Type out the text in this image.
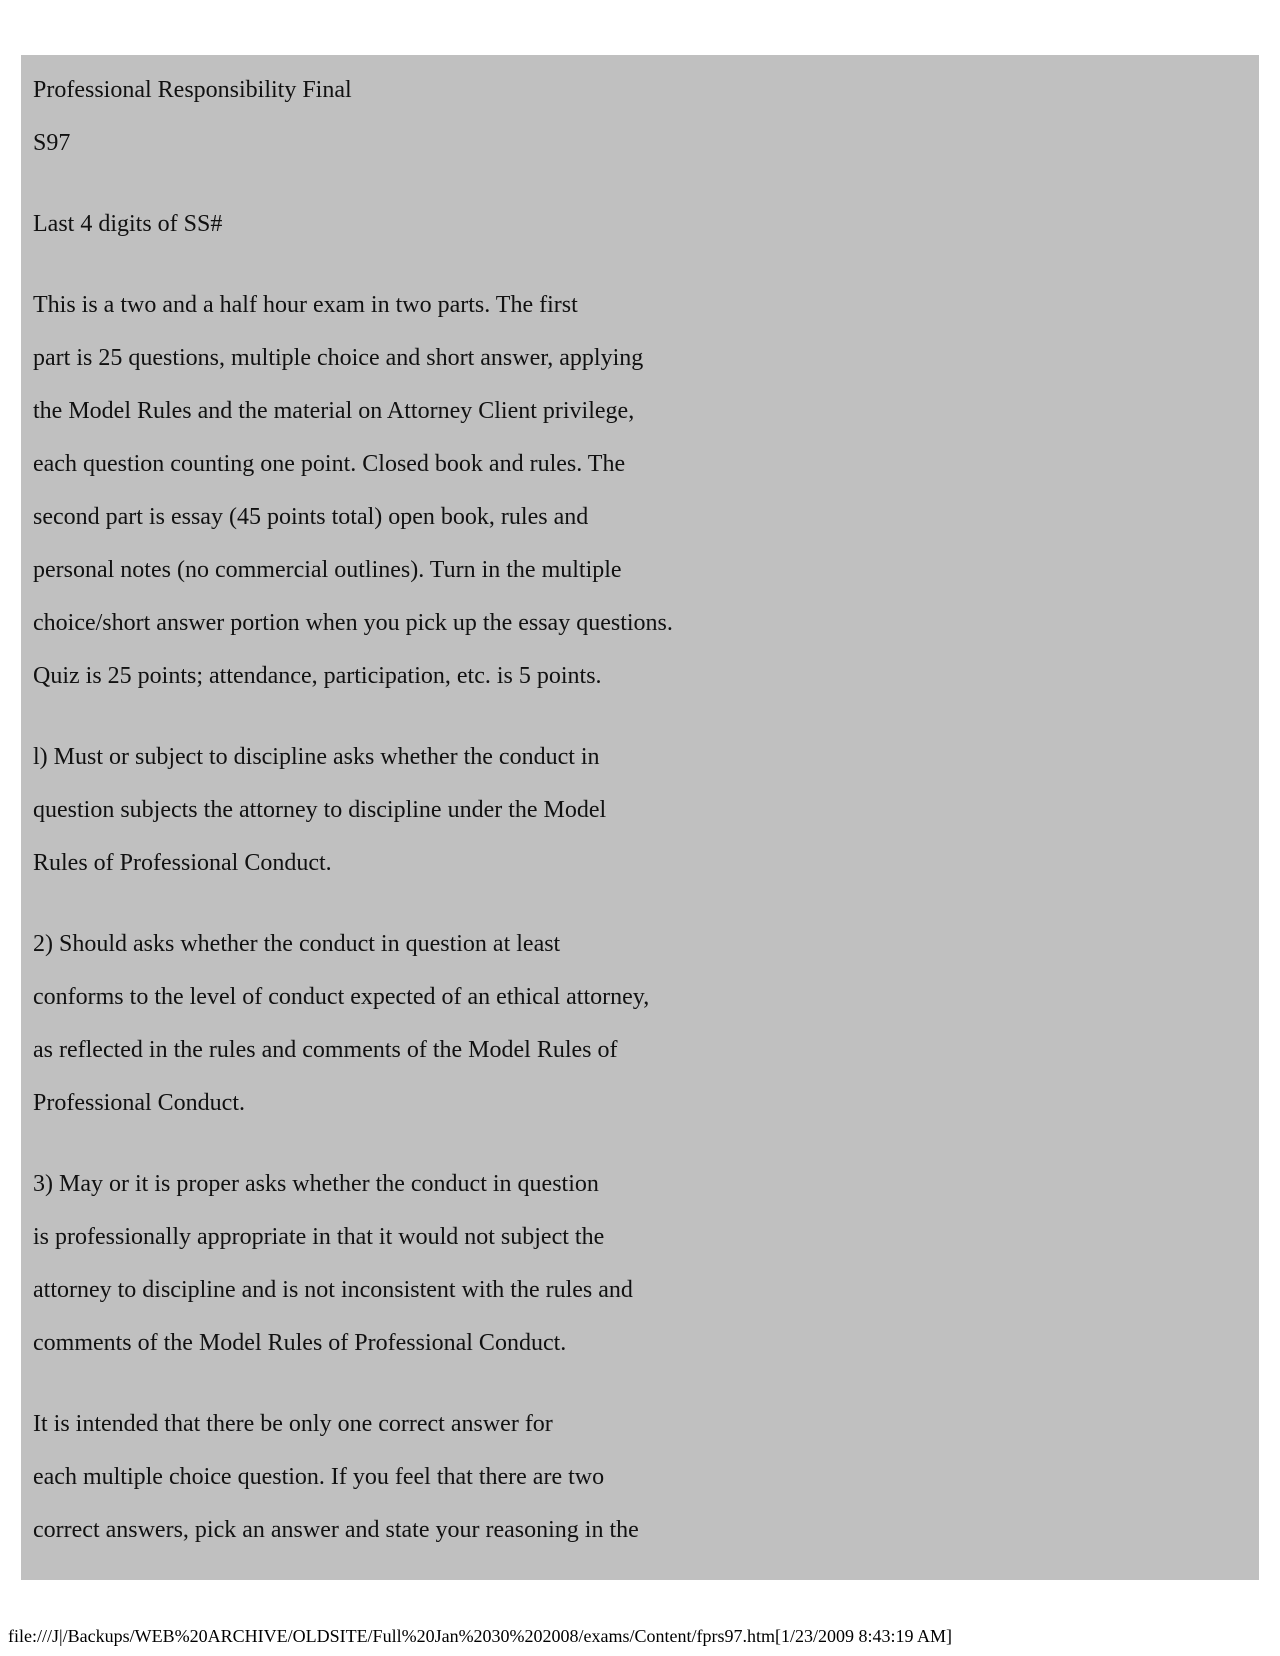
Professional Responsibility Final

S97

Last 4 digits of SS#

This is a two and a half hour exam in two parts. The first

part is 25 questions, multiple choice and short answer, applying

the Model Rules and the material on Attorney Client privilege,

each question counting one point. Closed book and rules. The

second part is essay (45 points total) open book, rules and

personal notes (no commercial outlines). Turn in the multiple

choice/short answer portion when you pick up the essay questions.

Quiz is 25 points; attendance, participation, etc. is 5 points.

l) Must or subject to discipline asks whether the conduct in

question subjects the attorney to discipline under the Model

Rules of Professional Conduct.

2) Should asks whether the conduct in question at least

conforms to the level of conduct expected of an ethical attorney,

as reflected in the rules and comments of the Model Rules of

Professional Conduct.

3) May or it is proper asks whether the conduct in question

is professionally appropriate in that it would not subject the

attorney to discipline and is not inconsistent with the rules and

comments of the Model Rules of Professional Conduct.

It is intended that there be only one correct answer for

each multiple choice question. If you feel that there are two

correct answers, pick an answer and state your reasoning in the

file:///J|/Backups/WEB%20ARCHIVE/OLDSITE/Full%20Jan%2030%202008/exams/Content/fprs97.htm[1/23/2009 8:43:19 AM]
